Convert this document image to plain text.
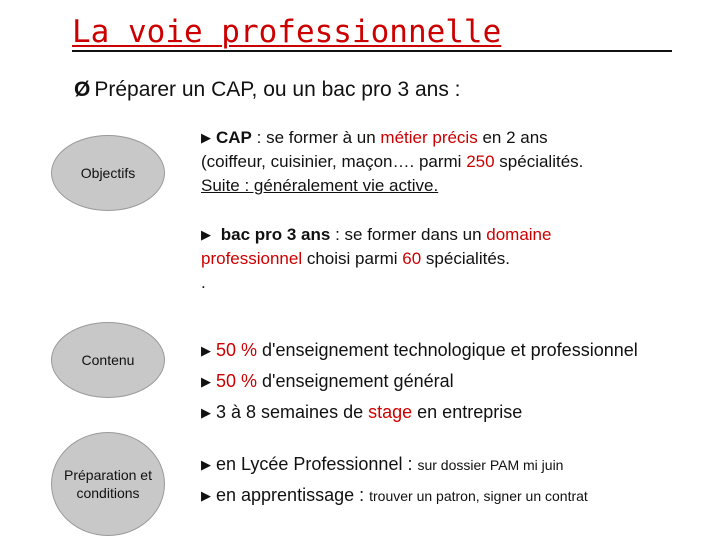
La voie professionnelle
Ø Préparer un CAP, ou un bac pro 3 ans :
Objectifs
Contenu
Préparation et
conditions
▶ CAP : se former à un métier précis en 2 ans
(coiffeur, cuisinier, maçon…. parmi 250 spécialités.
Suite : généralement vie active.
▶ bac pro 3 ans : se former dans un domaine
professionnel choisi parmi 60 spécialités.
.
▶ 50 % d'enseignement technologique et professionnel
▶ 50 % d'enseignement général
▶ 3 à 8 semaines de stage en entreprise
▶ en Lycée Professionnel : sur dossier PAM mi juin
▶ en apprentissage : trouver un patron, signer un contrat
